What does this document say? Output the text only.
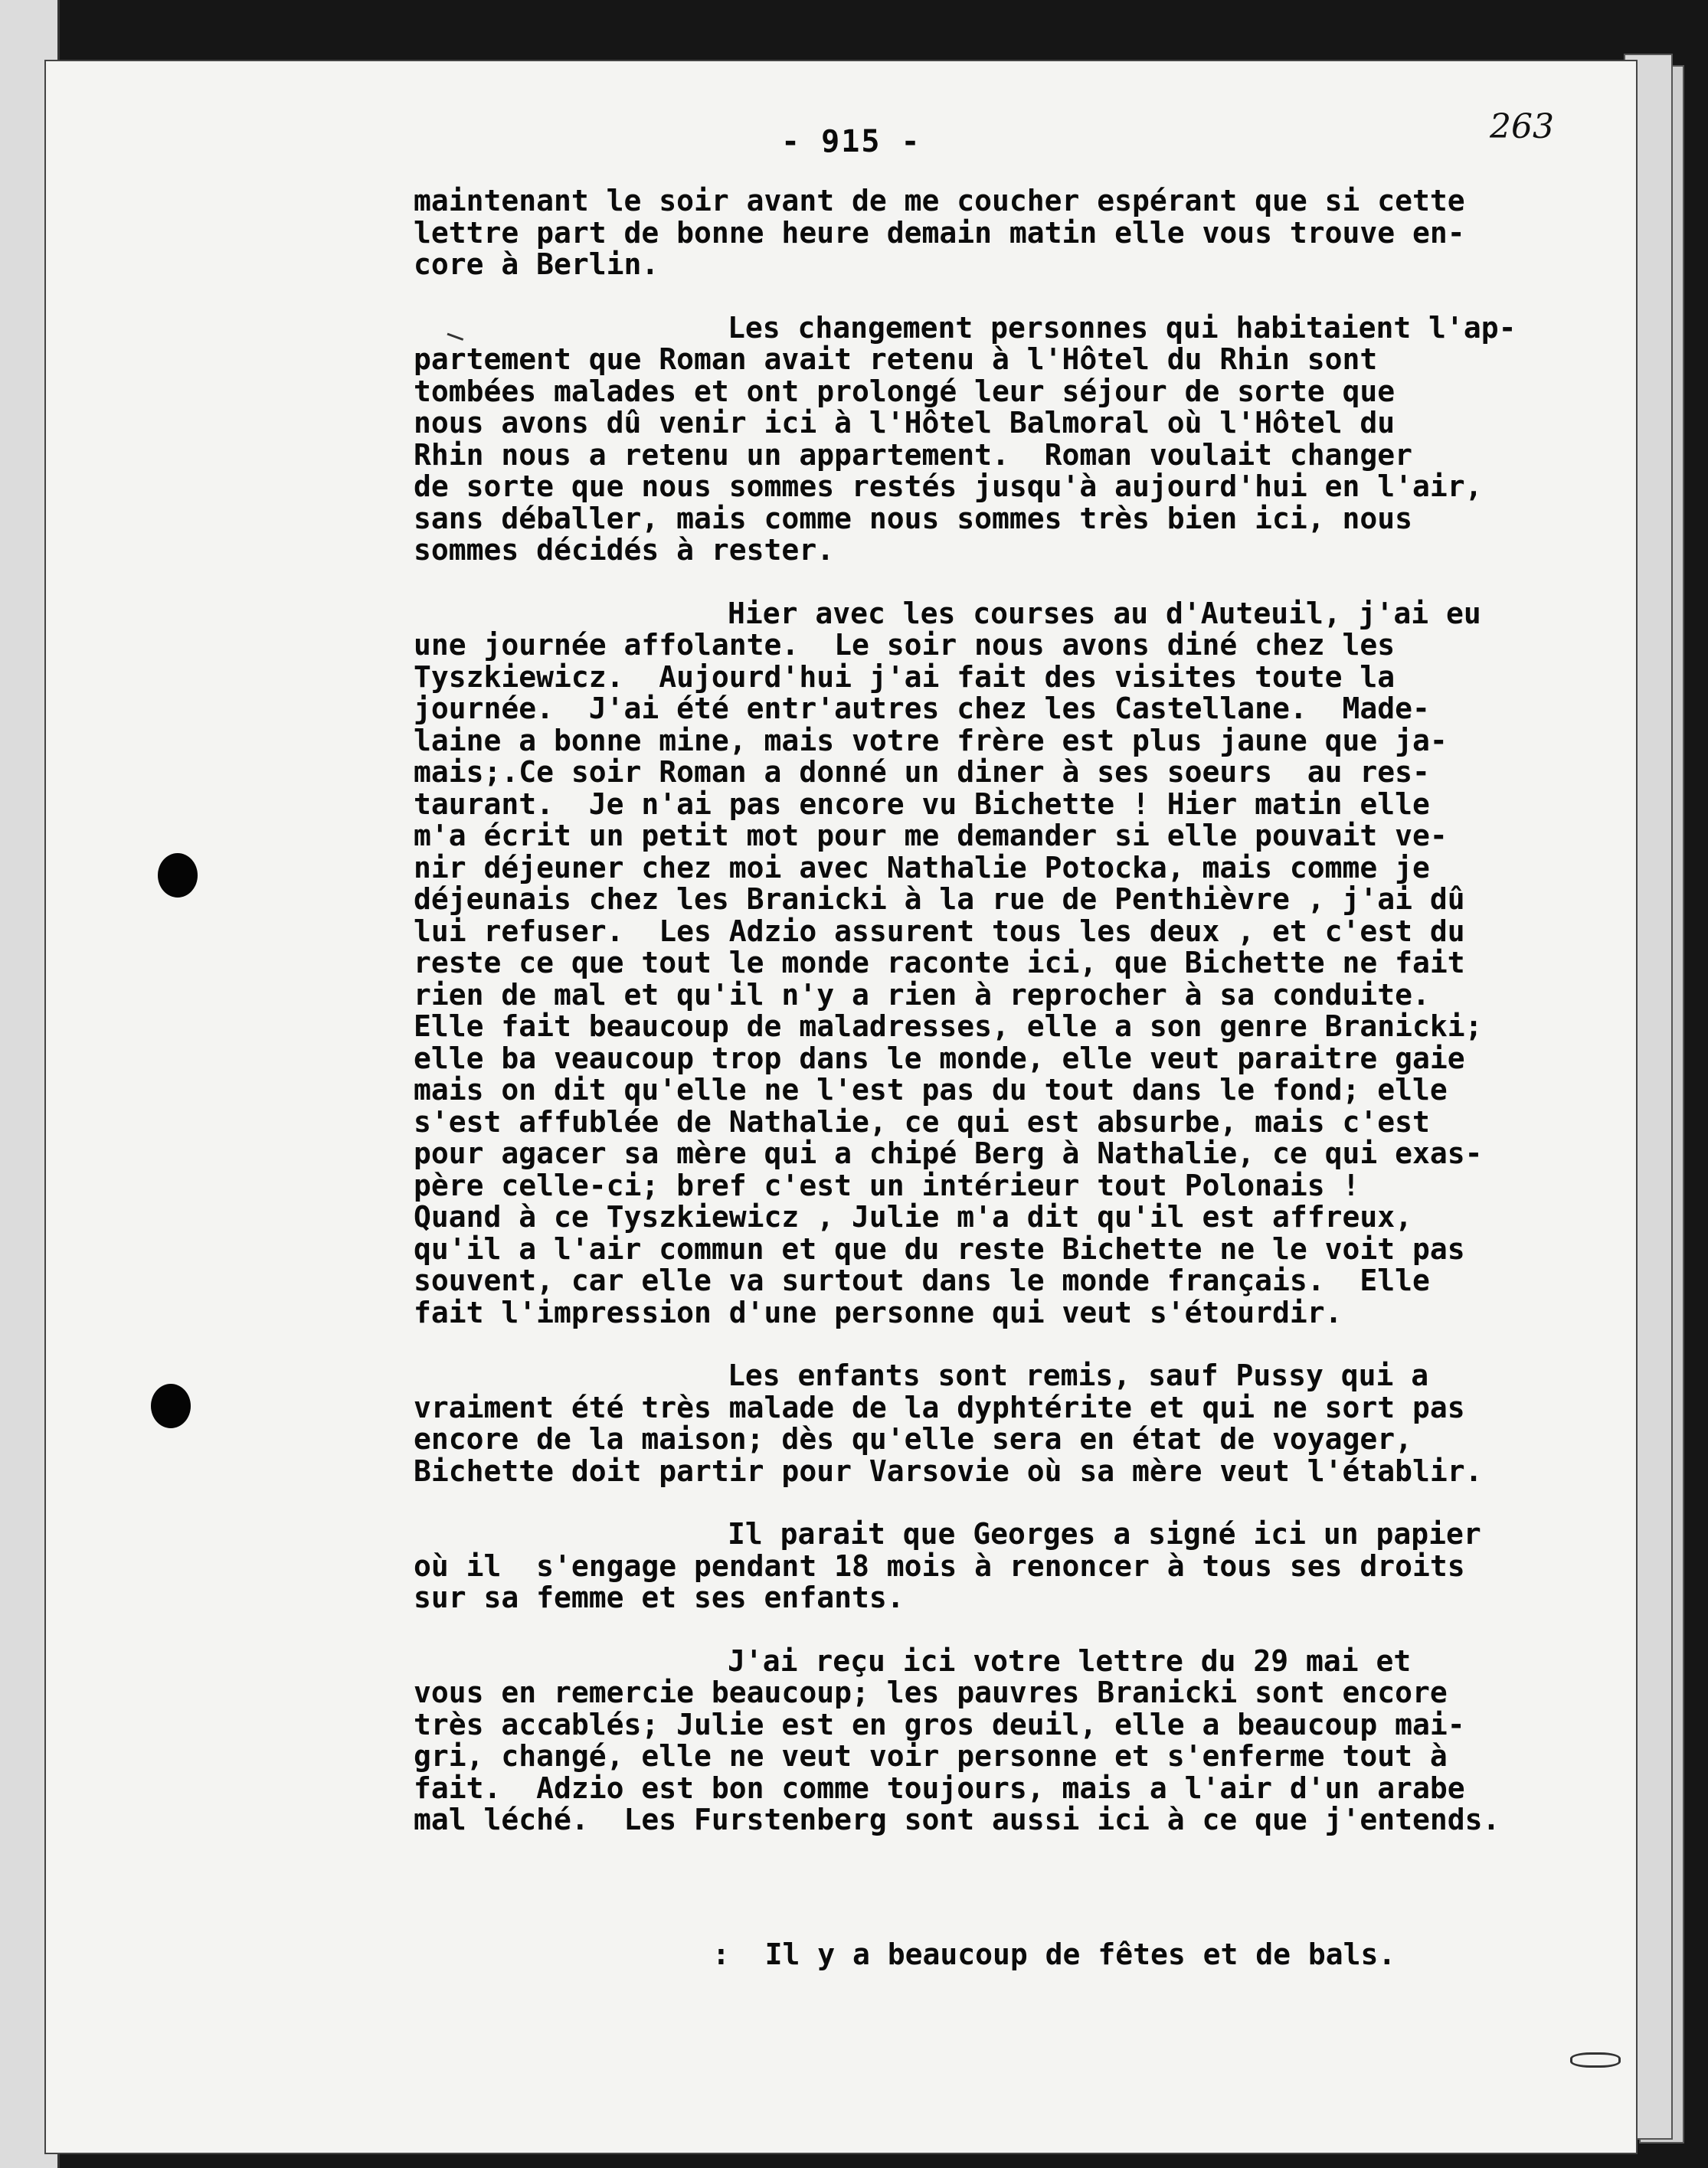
- 915 -	263
maintenant le soir avant de me coucher espérant que si cette
lettre part de bonne heure demain matin elle vous trouve en-
core à Berlin.
Les changement personnes qui habitaient l'ap-
partement que Roman avait retenu à l'Hôtel du Rhin sont
tombées malades et ont prolongé leur séjour de sorte que
nous avons dû venir ici à l'Hôtel Balmoral où l'Hôtel du
Rhin nous a retenu un appartement.  Roman voulait changer
de sorte que nous sommes restés jusqu'à aujourd'hui en l'air,
sans déballer, mais comme nous sommes très bien ici, nous
sommes décidés à rester.
Hier avec les courses au d'Auteuil, j'ai eu
une journée affolante.  Le soir nous avons diné chez les
Tyszkiewicz.  Aujourd'hui j'ai fait des visites toute la
journée.  J'ai été entr'autres chez les Castellane.  Made-
laine a bonne mine, mais votre frère est plus jaune que ja-
mais;.Ce soir Roman a donné un diner à ses soeurs  au res-
taurant.  Je n'ai pas encore vu Bichette ! Hier matin elle
m'a écrit un petit mot pour me demander si elle pouvait ve-
nir déjeuner chez moi avec Nathalie Potocka, mais comme je
déjeunais chez les Branicki à la rue de Penthièvre , j'ai dû
lui refuser.  Les Adzio assurent tous les deux , et c'est du
reste ce que tout le monde raconte ici, que Bichette ne fait
rien de mal et qu'il n'y a rien à reprocher à sa conduite.
Elle fait beaucoup de maladresses, elle a son genre Branicki;
elle ba veaucoup trop dans le monde, elle veut paraitre gaie
mais on dit qu'elle ne l'est pas du tout dans le fond; elle
s'est affublée de Nathalie, ce qui est absurbe, mais c'est
pour agacer sa mère qui a chipé Berg à Nathalie, ce qui exas-
père celle-ci; bref c'est un intérieur tout Polonais !
Quand à ce Tyszkiewicz , Julie m'a dit qu'il est affreux,
qu'il a l'air commun et que du reste Bichette ne le voit pas
souvent, car elle va surtout dans le monde français.  Elle
fait l'impression d'une personne qui veut s'étourdir.
Les enfants sont remis, sauf Pussy qui a
vraiment été très malade de la dyphtérite et qui ne sort pas
encore de la maison; dès qu'elle sera en état de voyager,
Bichette doit partir pour Varsovie où sa mère veut l'établir.
Il parait que Georges a signé ici un papier
où il  s'engage pendant 18 mois à renoncer à tous ses droits
sur sa femme et ses enfants.
J'ai reçu ici votre lettre du 29 mai et
vous en remercie beaucoup; les pauvres Branicki sont encore
très accablés; Julie est en gros deuil, elle a beaucoup mai-
gri, changé, elle ne veut voir personne et s'enferme tout à
fait.  Adzio est bon comme toujours, mais a l'air d'un arabe
mal léché.  Les Furstenberg sont aussi ici à ce que j'entends.
:  Il y a beaucoup de fêtes et de bals.
